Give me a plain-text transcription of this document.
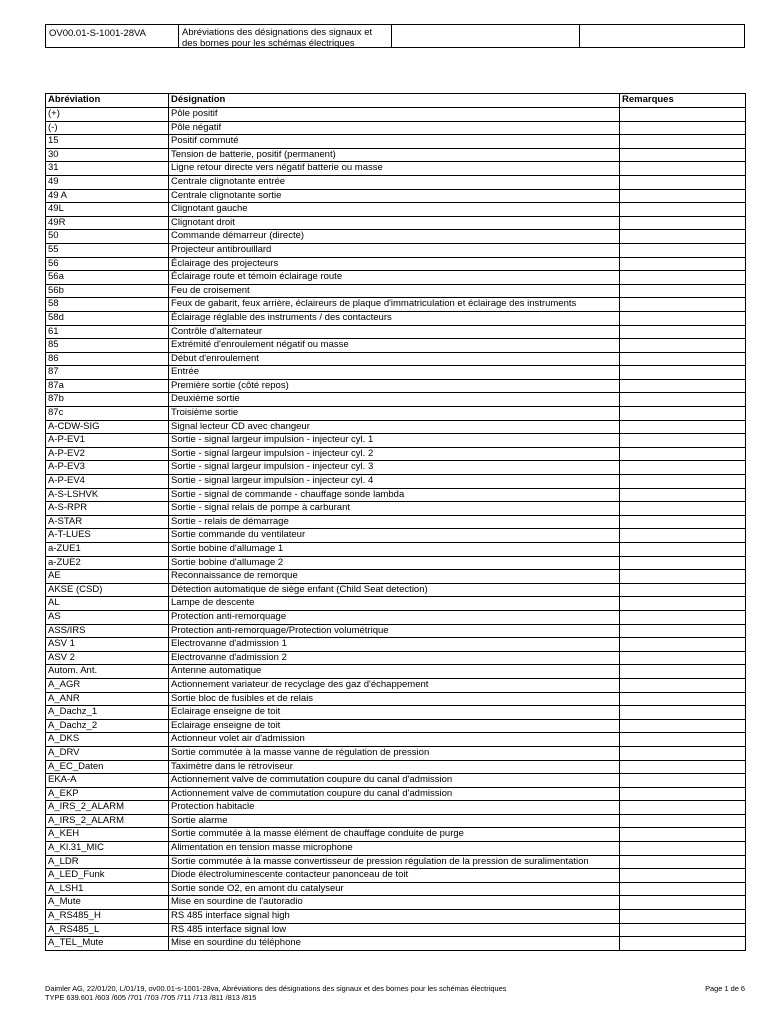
OV00.01-S-1001-28VA	Abréviations des désignations des signaux et des bornes pour les schémas électriques
Abréviation	Désignation	Remarques
(+)	Pôle positif	
(-)	Pôle négatif	
15	Positif commuté	
30	Tension de batterie, positif (permanent)	
31	Ligne retour directe vers négatif batterie ou masse	
49	Centrale clignotante entrée	
49 A	Centrale clignotante sortie	
49L	Clignotant gauche	
49R	Clignotant droit	
50	Commande démarreur (directe)	
55	Projecteur antibrouillard	
56	Éclairage des projecteurs	
56a	Éclairage route et témoin éclairage route	
56b	Feu de croisement	
58	Feux de gabarit, feux arrière, éclaireurs de plaque d'immatriculation et éclairage des instruments	
58d	Éclairage réglable des instruments / des contacteurs	
61	Contrôle d'alternateur	
85	Extrémité d'enroulement négatif ou masse	
86	Début d'enroulement	
87	Entrée	
87a	Première sortie (côté repos)	
87b	Deuxième sortie	
87c	Troisième sortie	
A-CDW-SIG	Signal lecteur CD avec changeur	
A-P-EV1	Sortie - signal largeur impulsion - injecteur cyl. 1	
A-P-EV2	Sortie - signal largeur impulsion - injecteur cyl. 2	
A-P-EV3	Sortie - signal largeur impulsion - injecteur cyl. 3	
A-P-EV4	Sortie - signal largeur impulsion - injecteur cyl. 4	
A-S-LSHVK	Sortie - signal de commande - chauffage sonde lambda	
A-S-RPR	Sortie - signal relais de pompe à carburant	
A-STAR	Sortie - relais de démarrage	
A-T-LUES	Sortie commande du ventilateur	
a-ZUE1	Sortie bobine d'allumage 1	
a-ZUE2	Sortie bobine d'allumage 2	
AE	Reconnaissance de remorque	
AKSE (CSD)	Détection automatique de siège enfant (Child Seat detection)	
AL	Lampe de descente	
AS	Protection anti-remorquage	
ASS/IRS	Protection anti-remorquage/Protection volumétrique	
ASV 1	Electrovanne d'admission 1	
ASV 2	Electrovanne d'admission 2	
Autom. Ant.	Antenne automatique	
A_AGR	Actionnement variateur de recyclage des gaz d'échappement	
A_ANR	Sortie bloc de fusibles et de relais	
A_Dachz_1	Eclairage enseigne de toit	
A_Dachz_2	Eclairage enseigne de toit	
A_DKS	Actionneur volet air d'admission	
A_DRV	Sortie commutée à la masse vanne de régulation de pression	
A_EC_Daten	Taximètre dans le rétroviseur	
EKA-A	Actionnement valve de commutation coupure du canal d'admission	
A_EKP	Actionnement valve de commutation coupure du canal d'admission	
A_IRS_2_ALARM	Protection habitacle	
A_IRS_2_ALARM	Sortie alarme	
A_KEH	Sortie commutée à la masse élément de chauffage conduite de purge	
A_Kl.31_MIC	Alimentation en tension masse microphone	
A_LDR	Sortie commutée à la masse convertisseur de pression régulation de la pression de suralimentation	
A_LED_Funk	Diode électroluminescente contacteur panonceau de toit	
A_LSH1	Sortie sonde O2, en amont du catalyseur	
A_Mute	Mise en sourdine de l'autoradio	
A_RS485_H	RS 485 interface signal high	
A_RS485_L	RS 485 interface signal low	
A_TEL_Mute	Mise en sourdine du téléphone	
Daimler AG, 22/01/20, L/01/19, ov00.01-s-1001-28va, Abréviations des désignations des signaux et des bornes pour les schémas électriques
TYPE 639.601 /603 /605 /701 /703 /705 /711 /713 /811 /813 /815
Page 1 de 6
